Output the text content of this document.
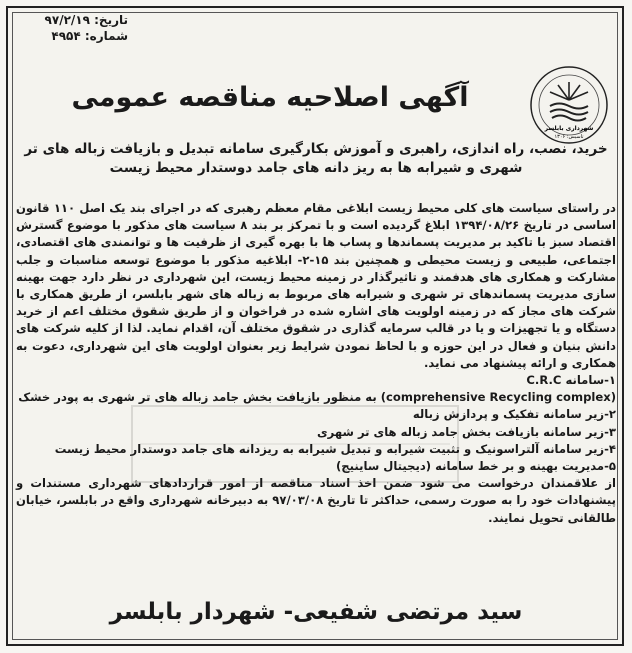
تاریخ: ۹۷/۲/۱۹
شماره: ۴۹۵۴
شهرداری بابلسر
تاسیس: ۱۳۰۶
آگهی اصلاحیه مناقصه عمومی
خرید، نصب، راه اندازی، راهبری و آموزش بکارگیری سامانه تبدیل و بازیافت زباله های تر شهری و شیرابه ها به ریز دانه های جامد دوستدار محیط زیست

در راستای سیاست های کلی محیط زیست ابلاغی مقام معظم رهبری که در اجرای بند یک اصل ۱۱۰ قانون اساسی در تاریخ ۱۳۹۴/۰۸/۲۶ ابلاغ گردیده است و با تمرکز بر بند ۸ سیاست های مذکور با موضوع گسترش اقتصاد سبز با تاکید بر مدیریت پسماندها و پساب ها با بهره گیری از ظرفیت ها و توانمندی های اقتصادی، اجتماعی، طبیعی و زیست محیطی و همچنین بند ۱۵-۲- ابلاغیه مذکور با موضوع توسعه مناسبات و جلب مشارکت و همکاری های هدفمند و تاثیرگذار در زمینه محیط زیست، این شهرداری در نظر دارد جهت بهینه سازی مدیریت پسماندهای تر شهری و شیرابه های مربوط به زباله های شهر بابلسر، از طریق همکاری با شرکت های مجاز که در زمینه اولویت های اشاره شده در فراخوان و از طریق شقوق مختلف اعم از خرید دستگاه و یا تجهیزات و یا در قالب سرمایه گذاری در شقوق مختلف آن، اقدام نماید. لذا از کلیه شرکت های دانش بنیان و فعال در این حوزه و با لحاظ نمودن شرایط زیر بعنوان اولویت های این شهرداری، دعوت به همکاری و ارائه پیشنهاد می نماید.

۱-سامانه C.R.C

(comprehensive Recycling complex) به منظور بازیافت بخش جامد زباله های تر شهری به پودر خشک

۲-زیر سامانه تفکیک و پردازش زباله

۳-زیر سامانه بازیافت بخش جامد زباله های تر شهری

۴-زیر سامانه آلتراسونیک و تثبیت شیرابه و تبدیل شیرابه به ریزدانه های جامد دوستدار محیط زیست

۵-مدیریت بهینه و بر خط سامانه (دیجیتال ساینیج)

از علاقمندان درخواست می شود ضمن اخذ اسناد مناقصه از امور قراردادهای شهرداری مستندات و پیشنهادات خود را به صورت رسمی، حداکثر تا تاریخ ۹۷/۰۳/۰۸ به دبیرخانه شهرداری واقع در بابلسر، خیابان طالقانی تحویل نمایند.

سید مرتضی شفیعی- شهردار بابلسر
